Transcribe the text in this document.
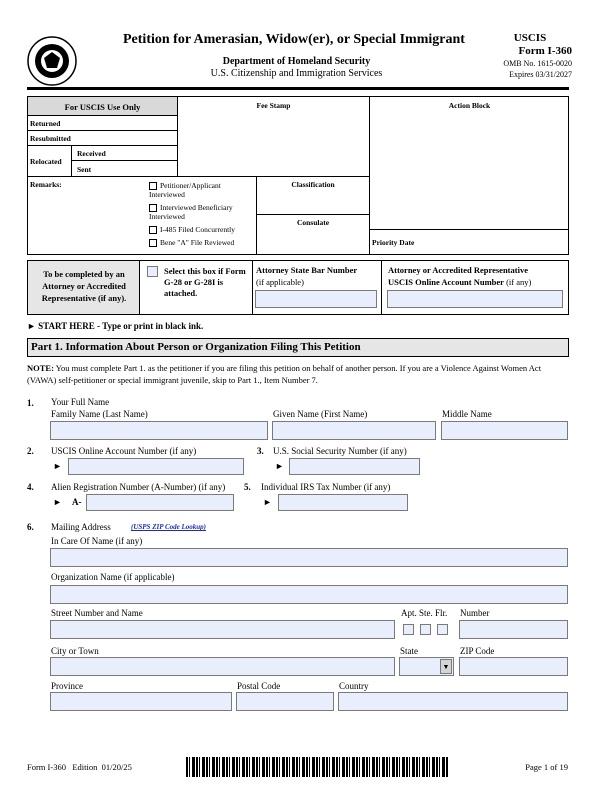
Petition for Amerasian, Widow(er), or Special Immigrant
Department of Homeland Security
U.S. Citizenship and Immigration Services
USCIS
Form I-360
OMB No. 1615-0020
Expires 03/31/2027
For USCIS Use Only
Returned
Resubmitted
Relocated
Received
Sent
Fee Stamp	Action Block
Remarks:	Classification
Consulate
Priority Date
Petitioner/Applicant Interviewed
Interviewed Beneficiary Interviewed
I-485 Filed Concurrently
Bene "A" File Reviewed
To be completed by an Attorney or Accredited Representative (if any).
Select this box if Form G-28 or G-28I is attached.
Attorney State Bar Number
(if applicable)
Attorney or Accredited Representative
USCIS Online Account Number (if any)
► START HERE - Type or print in black ink.
Part 1. Information About Person or Organization Filing This Petition
NOTE: You must complete Part 1. as the petitioner if you are filing this petition on behalf of another person. If you are a Violence Against Women Act (VAWA) self-petitioner or special immigrant juvenile, skip to Part 1., Item Number 7.
1. Your Full Name
Family Name (Last Name)	Given Name (First Name)	Middle Name
2. USCIS Online Account Number (if any)
►
3. U.S. Social Security Number (if any)
►
4. Alien Registration Number (A-Number) (if any)
► A-
5. Individual IRS Tax Number (if any)
►
6. Mailing Address	(USPS ZIP Code Lookup)
In Care Of Name (if any)
Organization Name (if applicable)
Street Number and Name	Apt. Ste. Flr. Number
City or Town	State	ZIP Code
▼
Province	Postal Code	Country
Form I-360   Edition  01/20/25	Page 1 of 19
